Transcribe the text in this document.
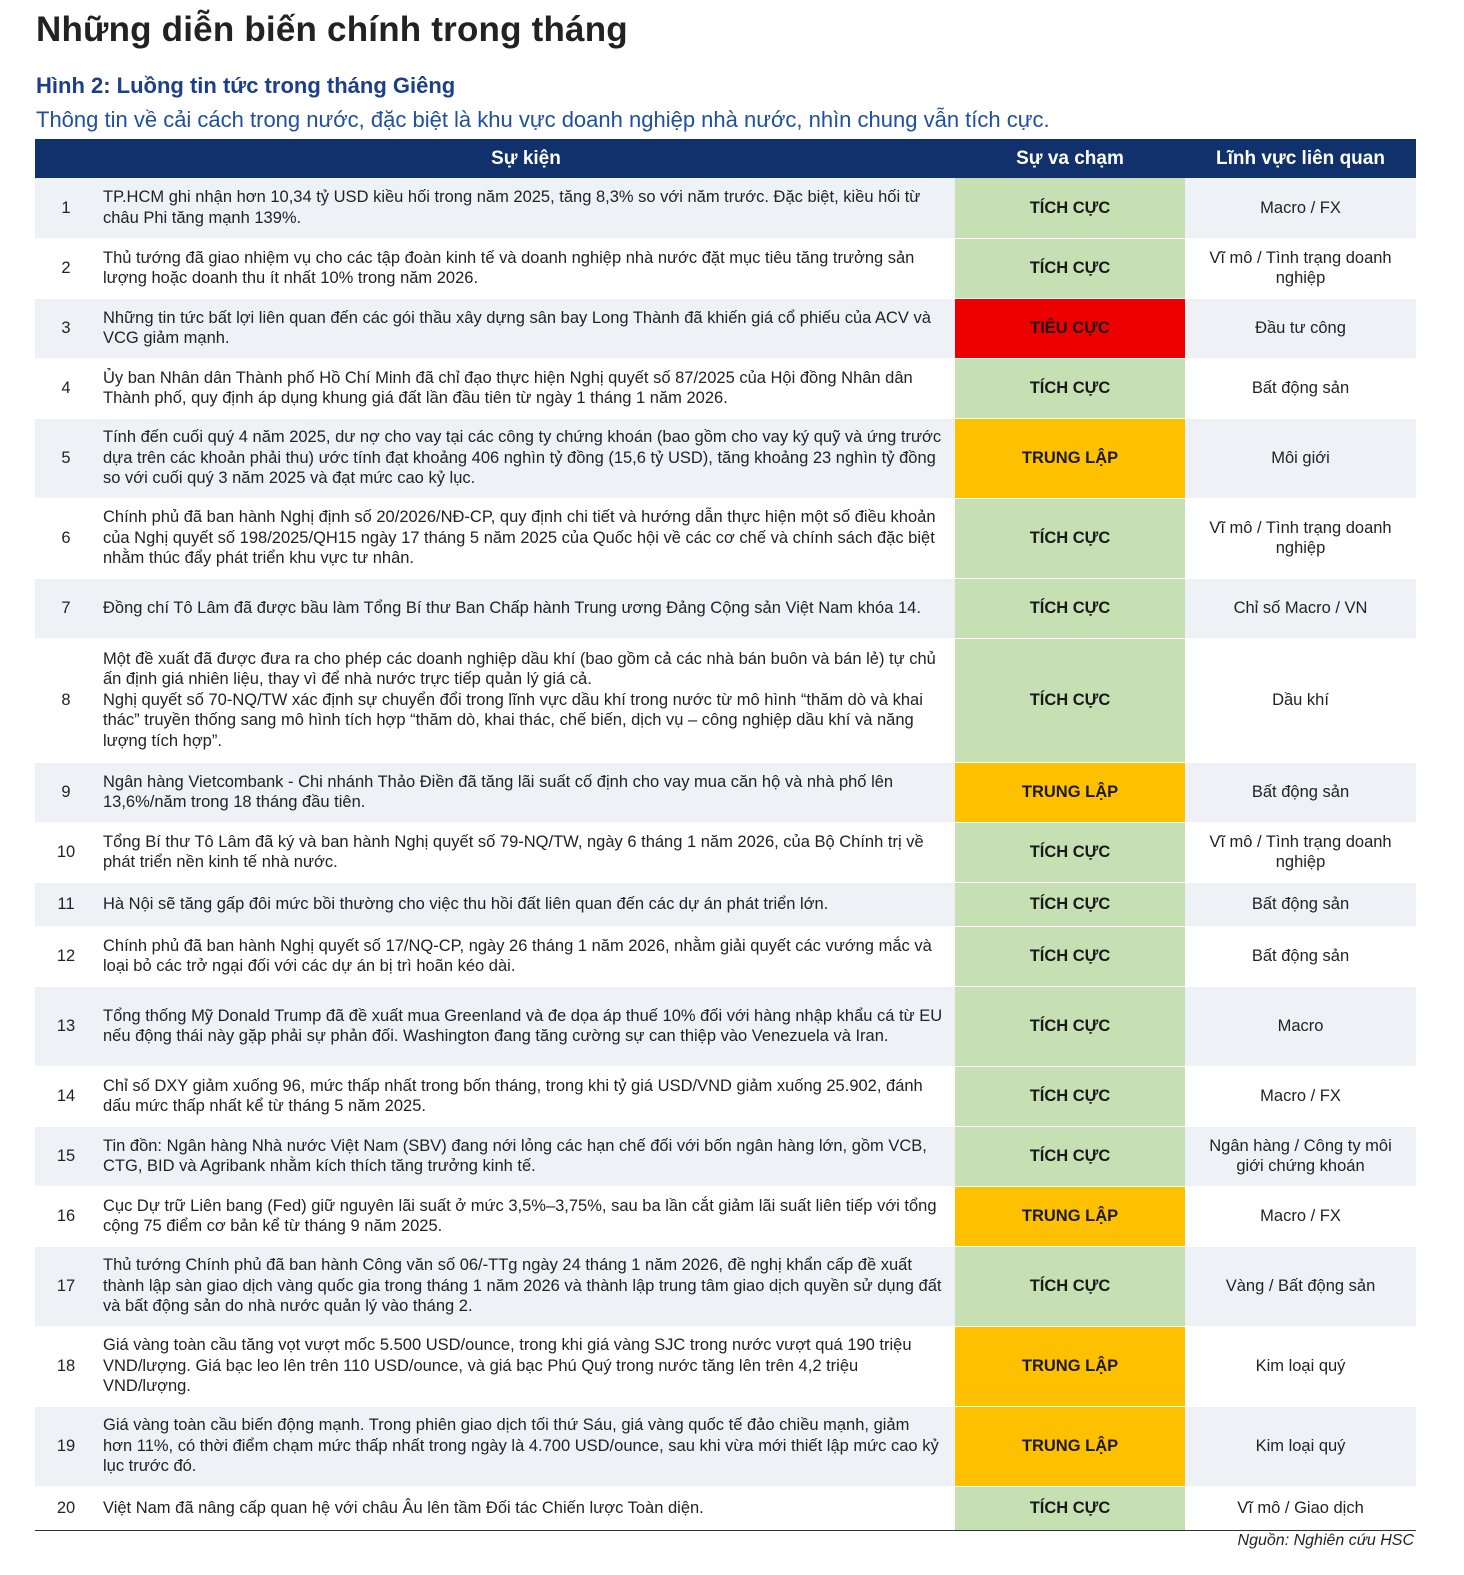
Những diễn biến chính trong tháng
Hình 2: Luồng tin tức trong tháng Giêng
Thông tin về cải cách trong nước, đặc biệt là khu vực doanh nghiệp nhà nước, nhìn chung vẫn tích cực.
	Sự kiện	Sự va chạm	Lĩnh vực liên quan
1	TP.HCM ghi nhận hơn 10,34 tỷ USD kiều hối trong năm 2025, tăng 8,3% so với năm trước. Đặc biệt, kiều hối từ châu Phi tăng mạnh 139%.	TÍCH CỰC	Macro / FX
2	Thủ tướng đã giao nhiệm vụ cho các tập đoàn kinh tế và doanh nghiệp nhà nước đặt mục tiêu tăng trưởng sản lượng hoặc doanh thu ít nhất 10% trong năm 2026.	TÍCH CỰC	Vĩ mô / Tình trạng doanh nghiệp
3	Những tin tức bất lợi liên quan đến các gói thầu xây dựng sân bay Long Thành đã khiến giá cổ phiếu của ACV và VCG giảm mạnh.	TIÊU CỰC	Đầu tư công
4	Ủy ban Nhân dân Thành phố Hồ Chí Minh đã chỉ đạo thực hiện Nghị quyết số 87/2025 của Hội đồng Nhân dân Thành phố, quy định áp dụng khung giá đất lần đầu tiên từ ngày 1 tháng 1 năm 2026.	TÍCH CỰC	Bất động sản
5	Tính đến cuối quý 4 năm 2025, dư nợ cho vay tại các công ty chứng khoán (bao gồm cho vay ký quỹ và ứng trước dựa trên các khoản phải thu) ước tính đạt khoảng 406 nghìn tỷ đồng (15,6 tỷ USD), tăng khoảng 23 nghìn tỷ đồng so với cuối quý 3 năm 2025 và đạt mức cao kỷ lục.	TRUNG LẬP	Môi giới
6	Chính phủ đã ban hành Nghị định số 20/2026/NĐ-CP, quy định chi tiết và hướng dẫn thực hiện một số điều khoản của Nghị quyết số 198/2025/QH15 ngày 17 tháng 5 năm 2025 của Quốc hội về các cơ chế và chính sách đặc biệt nhằm thúc đẩy phát triển khu vực tư nhân.	TÍCH CỰC	Vĩ mô / Tình trạng doanh nghiệp
7	Đồng chí Tô Lâm đã được bầu làm Tổng Bí thư Ban Chấp hành Trung ương Đảng Cộng sản Việt Nam khóa 14.	TÍCH CỰC	Chỉ số Macro / VN
8	Một đề xuất đã được đưa ra cho phép các doanh nghiệp dầu khí (bao gồm cả các nhà bán buôn và bán lẻ) tự chủ ấn định giá nhiên liệu, thay vì để nhà nước trực tiếp quản lý giá cả.
Nghị quyết số 70-NQ/TW xác định sự chuyển đổi trong lĩnh vực dầu khí trong nước từ mô hình “thăm dò và khai thác” truyền thống sang mô hình tích hợp “thăm dò, khai thác, chế biến, dịch vụ – công nghiệp dầu khí và năng lượng tích hợp”.	TÍCH CỰC	Dầu khí
9	Ngân hàng Vietcombank - Chi nhánh Thảo Điền đã tăng lãi suất cố định cho vay mua căn hộ và nhà phố lên 13,6%/năm trong 18 tháng đầu tiên.	TRUNG LẬP	Bất động sản
10	Tổng Bí thư Tô Lâm đã ký và ban hành Nghị quyết số 79-NQ/TW, ngày 6 tháng 1 năm 2026, của Bộ Chính trị về phát triển nền kinh tế nhà nước.	TÍCH CỰC	Vĩ mô / Tình trạng doanh nghiệp
11	Hà Nội sẽ tăng gấp đôi mức bồi thường cho việc thu hồi đất liên quan đến các dự án phát triển lớn.	TÍCH CỰC	Bất động sản
12	Chính phủ đã ban hành Nghị quyết số 17/NQ-CP, ngày 26 tháng 1 năm 2026, nhằm giải quyết các vướng mắc và loại bỏ các trở ngại đối với các dự án bị trì hoãn kéo dài.	TÍCH CỰC	Bất động sản
13	Tổng thống Mỹ Donald Trump đã đề xuất mua Greenland và đe dọa áp thuế 10% đối với hàng nhập khẩu cá từ EU nếu động thái này gặp phải sự phản đối. Washington đang tăng cường sự can thiệp vào Venezuela và Iran.	TÍCH CỰC	Macro
14	Chỉ số DXY giảm xuống 96, mức thấp nhất trong bốn tháng, trong khi tỷ giá USD/VND giảm xuống 25.902, đánh dấu mức thấp nhất kể từ tháng 5 năm 2025.	TÍCH CỰC	Macro / FX
15	Tin đồn: Ngân hàng Nhà nước Việt Nam (SBV) đang nới lỏng các hạn chế đối với bốn ngân hàng lớn, gồm VCB, CTG, BID và Agribank nhằm kích thích tăng trưởng kinh tế.	TÍCH CỰC	Ngân hàng / Công ty môi giới chứng khoán
16	Cục Dự trữ Liên bang (Fed) giữ nguyên lãi suất ở mức 3,5%–3,75%, sau ba lần cắt giảm lãi suất liên tiếp với tổng cộng 75 điểm cơ bản kể từ tháng 9 năm 2025.	TRUNG LẬP	Macro / FX
17	Thủ tướng Chính phủ đã ban hành Công văn số 06/-TTg ngày 24 tháng 1 năm 2026, đề nghị khẩn cấp đề xuất thành lập sàn giao dịch vàng quốc gia trong tháng 1 năm 2026 và thành lập trung tâm giao dịch quyền sử dụng đất và bất động sản do nhà nước quản lý vào tháng 2.	TÍCH CỰC	Vàng / Bất động sản
18	Giá vàng toàn cầu tăng vọt vượt mốc 5.500 USD/ounce, trong khi giá vàng SJC trong nước vượt quá 190 triệu VND/lượng. Giá bạc leo lên trên 110 USD/ounce, và giá bạc Phú Quý trong nước tăng lên trên 4,2 triệu VND/lượng.	TRUNG LẬP	Kim loại quý
19	Giá vàng toàn cầu biến động mạnh. Trong phiên giao dịch tối thứ Sáu, giá vàng quốc tế đảo chiều mạnh, giảm hơn 11%, có thời điểm chạm mức thấp nhất trong ngày là 4.700 USD/ounce, sau khi vừa mới thiết lập mức cao kỷ lục trước đó.	TRUNG LẬP	Kim loại quý
20	Việt Nam đã nâng cấp quan hệ với châu Âu lên tầm Đối tác Chiến lược Toàn diện.	TÍCH CỰC	Vĩ mô / Giao dịch
Nguồn: Nghiên cứu HSC
